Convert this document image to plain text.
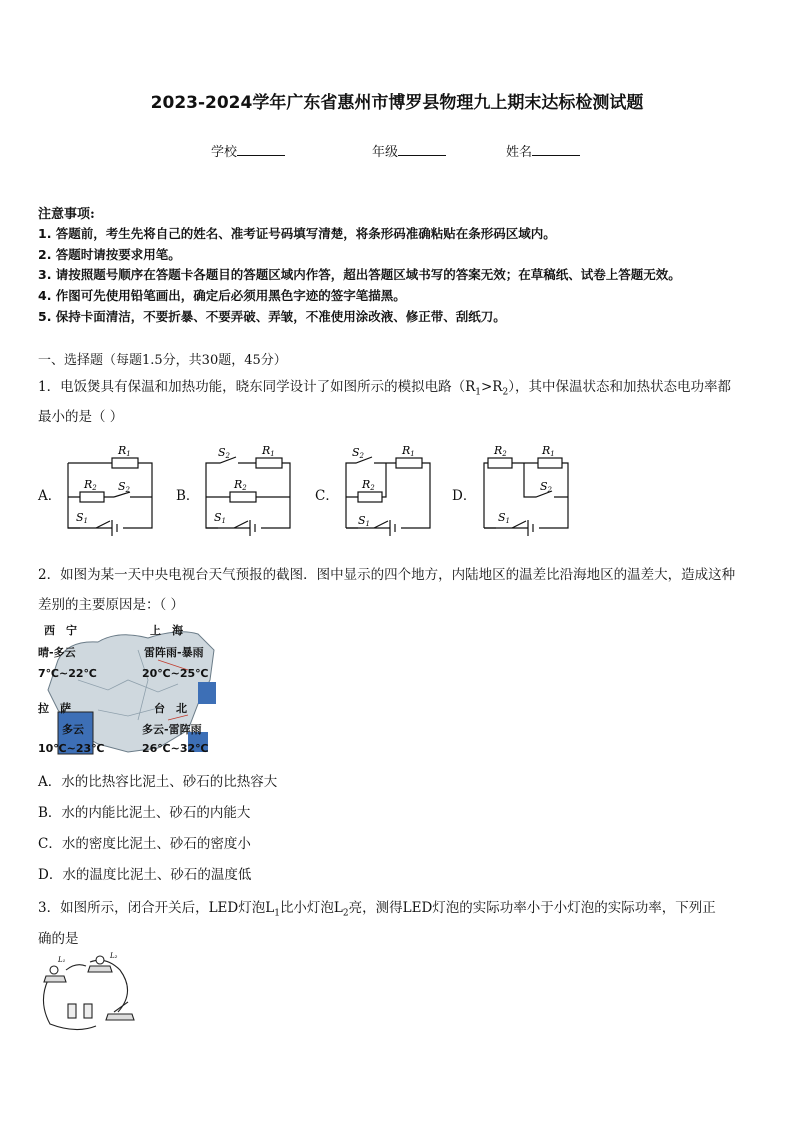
2023-2024学年广东省惠州市博罗县物理九上期末达标检测试题
学校	年级	姓名
注意事项:
1. 答题前，考生先将自己的姓名、准考证号码填写清楚，将条形码准确粘贴在条形码区域内。
2. 答题时请按要求用笔。
3. 请按照题号顺序在答题卡各题目的答题区域内作答，超出答题区域书写的答案无效；在草稿纸、试卷上答题无效。
4. 作图可先使用铅笔画出，确定后必须用黑色字迹的签字笔描黑。
5. 保持卡面清洁，不要折暴、不要弄破、弄皱，不准使用涂改液、修正带、刮纸刀。
一、选择题（每题1.5分，共30题，45分）
1．电饭煲具有保温和加热功能，晓东同学设计了如图所示的模拟电路$(R_1>R_2)$，其中保温状态和加热状态电功率都
最小的是（ ）
A．	B．	C．	D．
R1
R2 S2
S1
S2	R1
R2
S1
S2	R1
R2
S1
R2	R1
S2
S1
2．如图为某一天中央电视台天气预报的截图．图中显示的四个地方，内陆地区的温差比沿海地区的温差大，造成这种
差别的主要原因是：（ ）
西　宁
晴-多云
7℃~22℃
上　海
雷阵雨-暴雨
20℃~25℃
拉　萨
多云
10℃~23℃
台　北
多云-雷阵雨
26℃~32℃
A．水的比热容比泥土、砂石的比热容大
B．水的内能比泥土、砂石的内能大
C．水的密度比泥土、砂石的密度小
D．水的温度比泥土、砂石的温度低
3．如图所示，闭合开关后，LED灯泡$L_1$比小灯泡$L_2$亮，测得LED灯泡的实际功率小于小灯泡的实际功率，下列正
确的是
L₁	L₂
